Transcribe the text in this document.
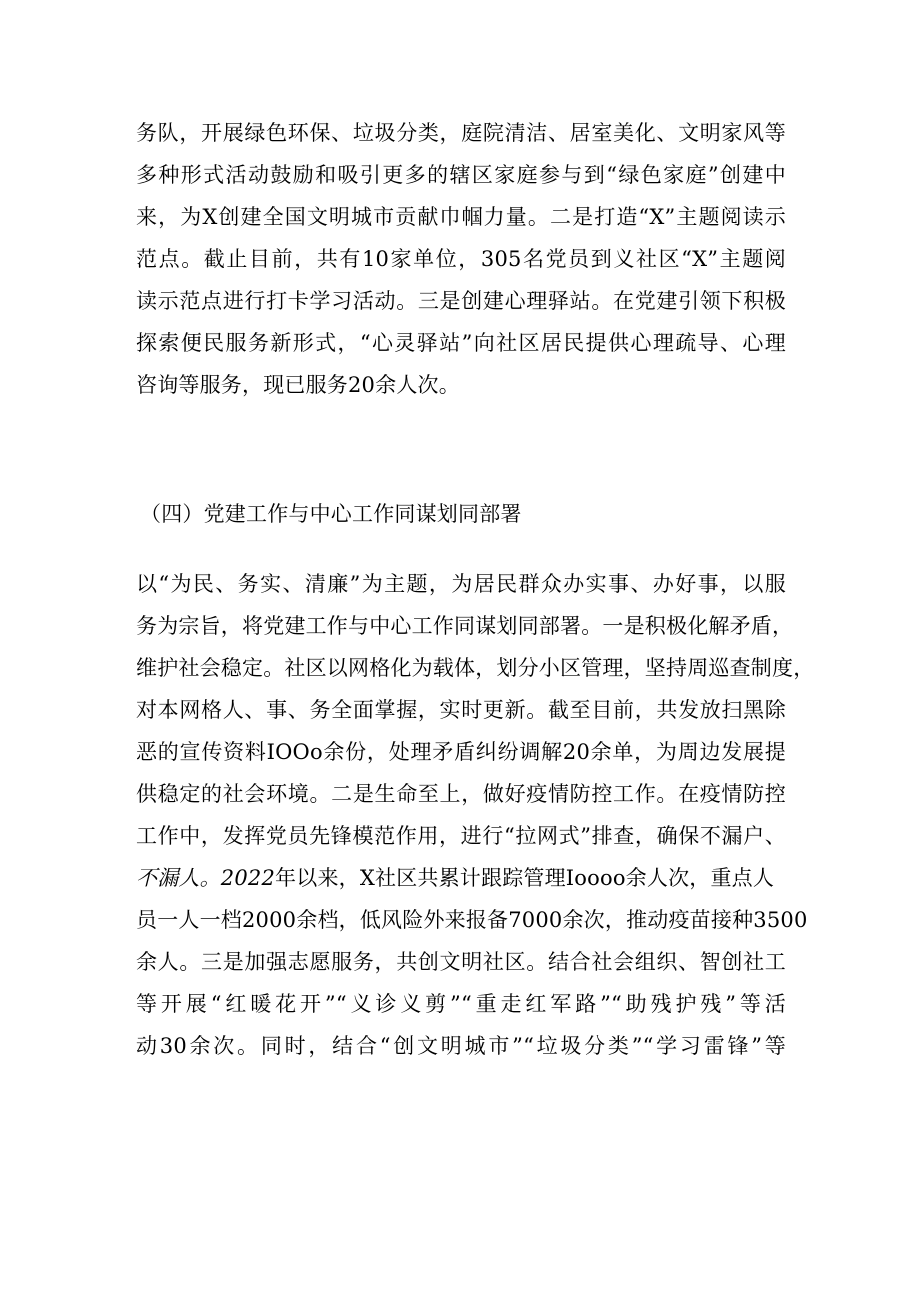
务队，开展绿色环保、垃圾分类，庭院清洁、居室美化、文明家风等
多种形式活动鼓励和吸引更多的辖区家庭参与到“绿色家庭”创建中
来，为X创建全国文明城市贡献巾帼力量。二是打造“X”主题阅读示
范点。截止目前，共有10家单位，305名党员到义社区“X”主题阅
读示范点进行打卡学习活动。三是创建心理驿站。在党建引领下积极
探索便民服务新形式，“心灵驿站”向社区居民提供心理疏导、心理
咨询等服务，现已服务20余人次。
（四）党建工作与中心工作同谋划同部署
以“为民、务实、清廉”为主题，为居民群众办实事、办好事，以服
务为宗旨，将党建工作与中心工作同谋划同部署。一是积极化解矛盾，
维护社会稳定。社区以网格化为载体，划分小区管理，坚持周巡查制度，
对本网格人、事、务全面掌握，实时更新。截至目前，共发放扫黑除
恶的宣传资料IOOo余份，处理矛盾纠纷调解20余单，为周边发展提
供稳定的社会环境。二是生命至上，做好疫情防控工作。在疫情防控
工作中，发挥党员先锋模范作用，进行“拉网式”排查，确保不漏户、
不漏人。2022年以来，X社区共累计跟踪管理Ioooo余人次，重点人
员一人一档2000余档，低风险外来报备7000余次，推动疫苗接种3500
余人。三是加强志愿服务，共创文明社区。结合社会组织、智创社工
等开展“红暖花开”“义诊义剪”“重走红军路”“助残护残”等活
动30余次。同时，结合“创文明城市”“垃圾分类”“学习雷锋”等
